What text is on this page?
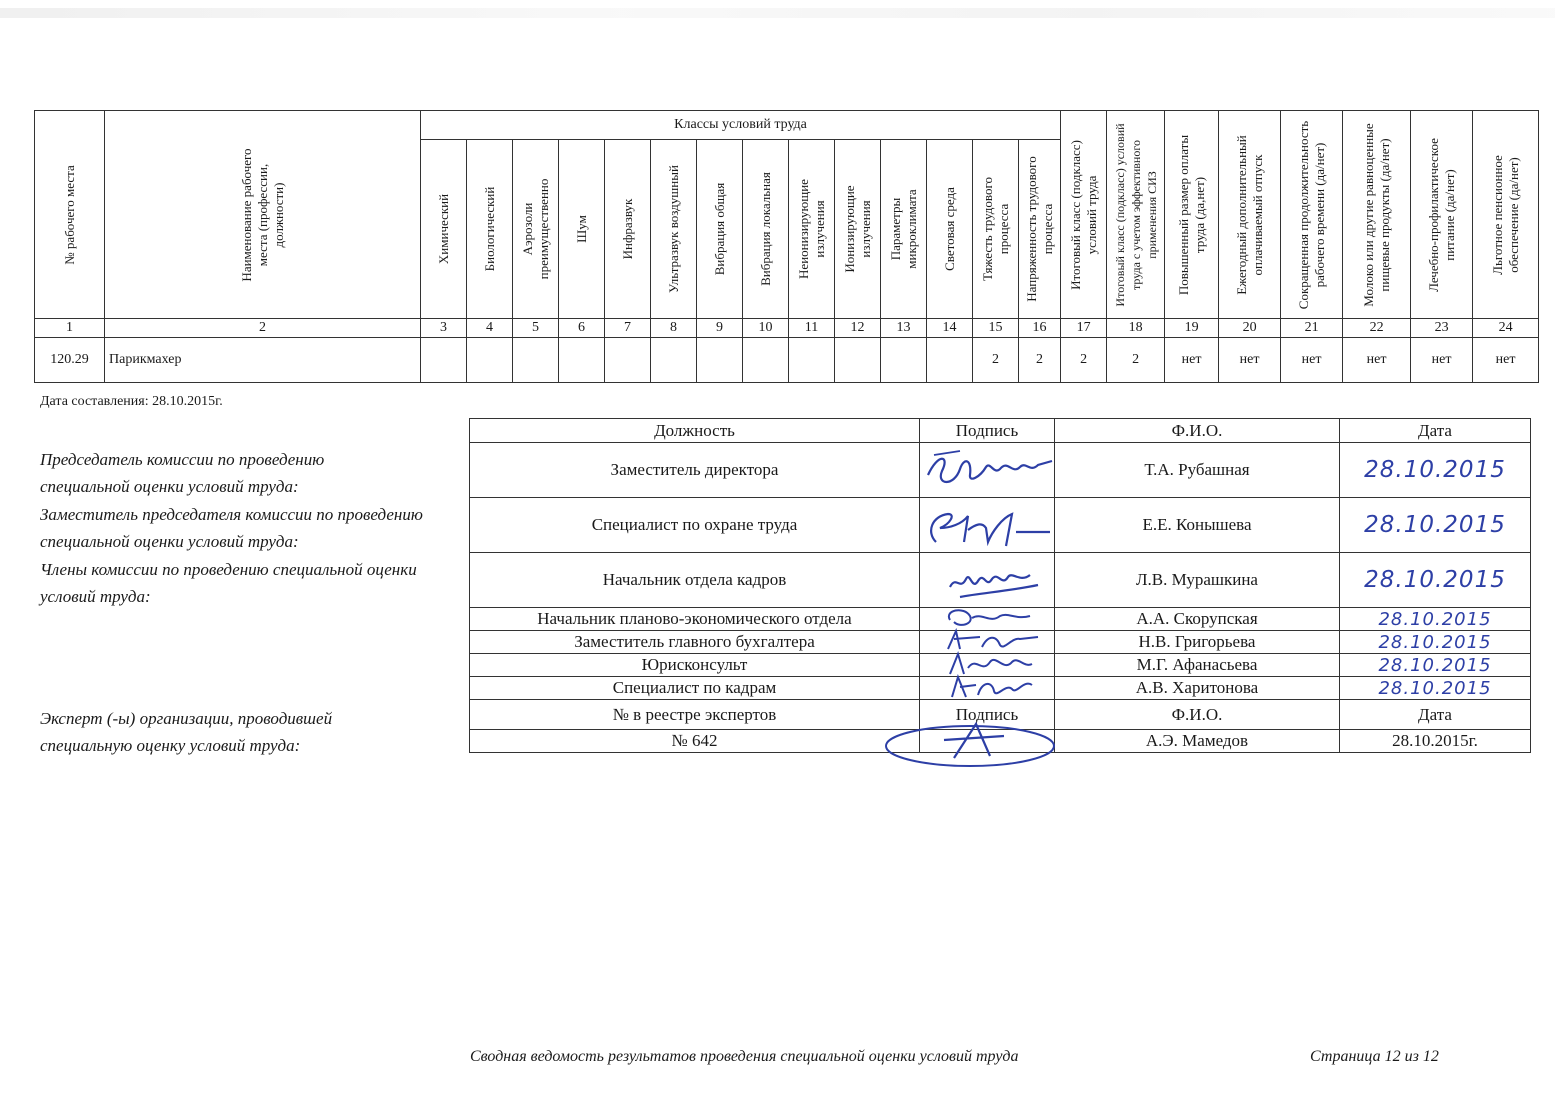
№ рабочего места	Наименование рабочего места (профессии, должности)	Классы условий труда														Итоговый класс (подкласс) условий труда	Итоговый класс (подкласс) условий труда с учетом эффективного применения СИЗ	Повышенный размер оплаты труда (да,нет)	Ежегодный дополнительный оплачиваемый отпуск	Сокращенная продолжительность рабочего времени (да/нет)	Молоко или другие равноценные пищевые продукты (да/нет)	Лечебно-профилактическое питание (да/нет)	Льготное пенсионное обеспечение (да/нет)

		Химический	Биологический	Аэрозоли преимущественно	Шум	Инфразвук	Ультразвук воздушный	Вибрация общая	Вибрация локальная	Неионизирующие излучения	Ионизирующие излучения	Параметры микроклимата	Световая среда	Тяжесть трудового процесса	Напряженность трудового процесса								

1	2	3	4	5	6	7	8	9	10	11	12	13	14	15	16	17	18	19	20	21	22	23	24
120.29	Парикмахер													2	2	2	2	нет	нет	нет	нет	нет	нет
Дата составления: 28.10.2015г.
Председатель комиссии по проведению специальной оценки условий труда:
Заместитель председателя комиссии по проведению специальной оценки условий труда:
Члены комиссии по проведению специальной оценки условий труда:
Эксперт (-ы) организации, проводившей специальную оценку условий труда:
Должность	Подпись	Ф.И.О.	Дата
Заместитель директора		Т.А. Рубашная	28.10.2015
Специалист по охране труда		Е.Е. Конышева	28.10.2015
Начальник отдела кадров		Л.В. Мурашкина	28.10.2015
Начальник планово-экономического отдела		А.А. Скорупская	28.10.2015
Заместитель главного бухгалтера		Н.В. Григорьева	28.10.2015
Юрисконсульт		М.Г. Афанасьева	28.10.2015
Специалист по кадрам		А.В. Харитонова	28.10.2015
№ в реестре экспертов	Подпись	Ф.И.О.	Дата
№ 642		А.Э. Мамедов	28.10.2015г.
Сводная ведомость результатов проведения специальной оценки условий труда	Страница 12 из 12
